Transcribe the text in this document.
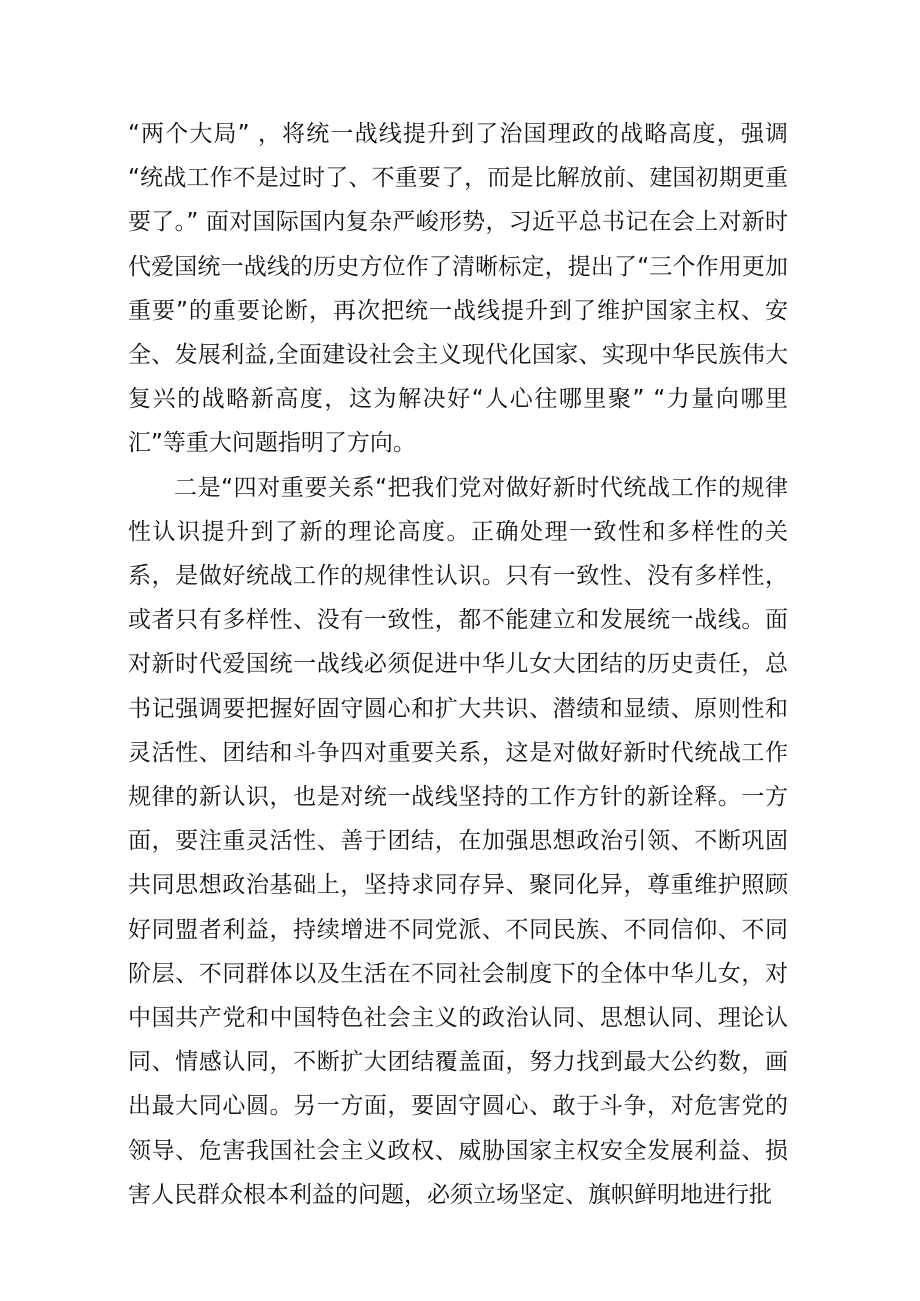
“两个大局” ，将统一战线提升到了治国理政的战略高度，强调 “统战工作不是过时了、不重要了，而是比解放前、建国初期更重要了。” 面对国际国内复杂严峻形势，习近平总书记在会上对新时代爱国统一战线的历史方位作了清晰标定，提出了“三个作用更加重要”的重要论断，再次把统一战线提升到了维护国家主权、安全、发展利益,全面建设社会主义现代化国家、实现中华民族伟大复兴的战略新高度，这为解决好“人心往哪里聚” “力量向哪里汇”等重大问题指明了方向。

二是“四对重要关系“把我们党对做好新时代统战工作的规律性认识提升到了新的理论高度。正确处理一致性和多样性的关系，是做好统战工作的规律性认识。只有一致性、没有多样性，或者只有多样性、没有一致性，都不能建立和发展统一战线。面对新时代爱国统一战线必须促进中华儿女大团结的历史责任，总书记强调要把握好固守圆心和扩大共识、潜绩和显绩、原则性和灵活性、团结和斗争四对重要关系，这是对做好新时代统战工作规律的新认识，也是对统一战线坚持的工作方针的新诠释。一方面，要注重灵活性、善于团结，在加强思想政治引领、不断巩固共同思想政治基础上，坚持求同存异、聚同化异，尊重维护照顾好同盟者利益，持续增进不同党派、不同民族、不同信仰、不同阶层、不同群体以及生活在不同社会制度下的全体中华儿女，对中国共产党和中国特色社会主义的政治认同、思想认同、理论认同、情感认同，不断扩大团结覆盖面，努力找到最大公约数，画出最大同心圆。另一方面，要固守圆心、敢于斗争，对危害党的领导、危害我国社会主义政权、威胁国家主权安全发展利益、损害人民群众根本利益的问题，必须立场坚定、旗帜鲜明地进行批
